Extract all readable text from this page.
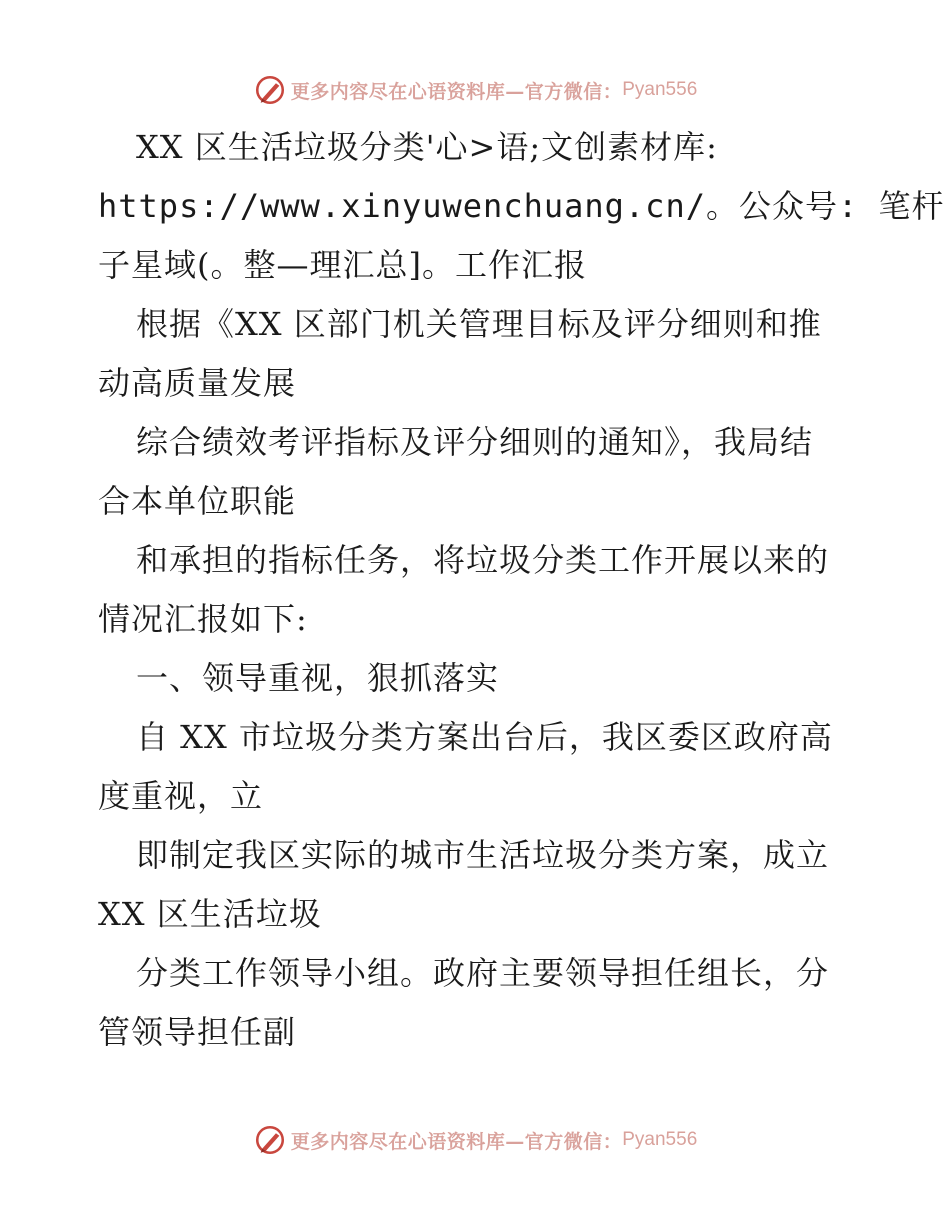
更多内容尽在心语资料库—官方微信： Pyan556
XX 区生活垃圾分类'心>语;文创素材库:
https://www.xinyuwenchuang.cn/。公众号: 笔杆
子星域(。整—理汇总]。工作汇报
根据《XX 区部门机关管理目标及评分细则和推
动高质量发展
综合绩效考评指标及评分细则的通知》，我局结
合本单位职能
和承担的指标任务，将垃圾分类工作开展以来的
情况汇报如下:
一、领导重视，狠抓落实
自 XX 市垃圾分类方案出台后，我区委区政府高
度重视，立
即制定我区实际的城市生活垃圾分类方案，成立
XX 区生活垃圾
分类工作领导小组。政府主要领导担任组长，分
管领导担任副
更多内容尽在心语资料库—官方微信： Pyan556
